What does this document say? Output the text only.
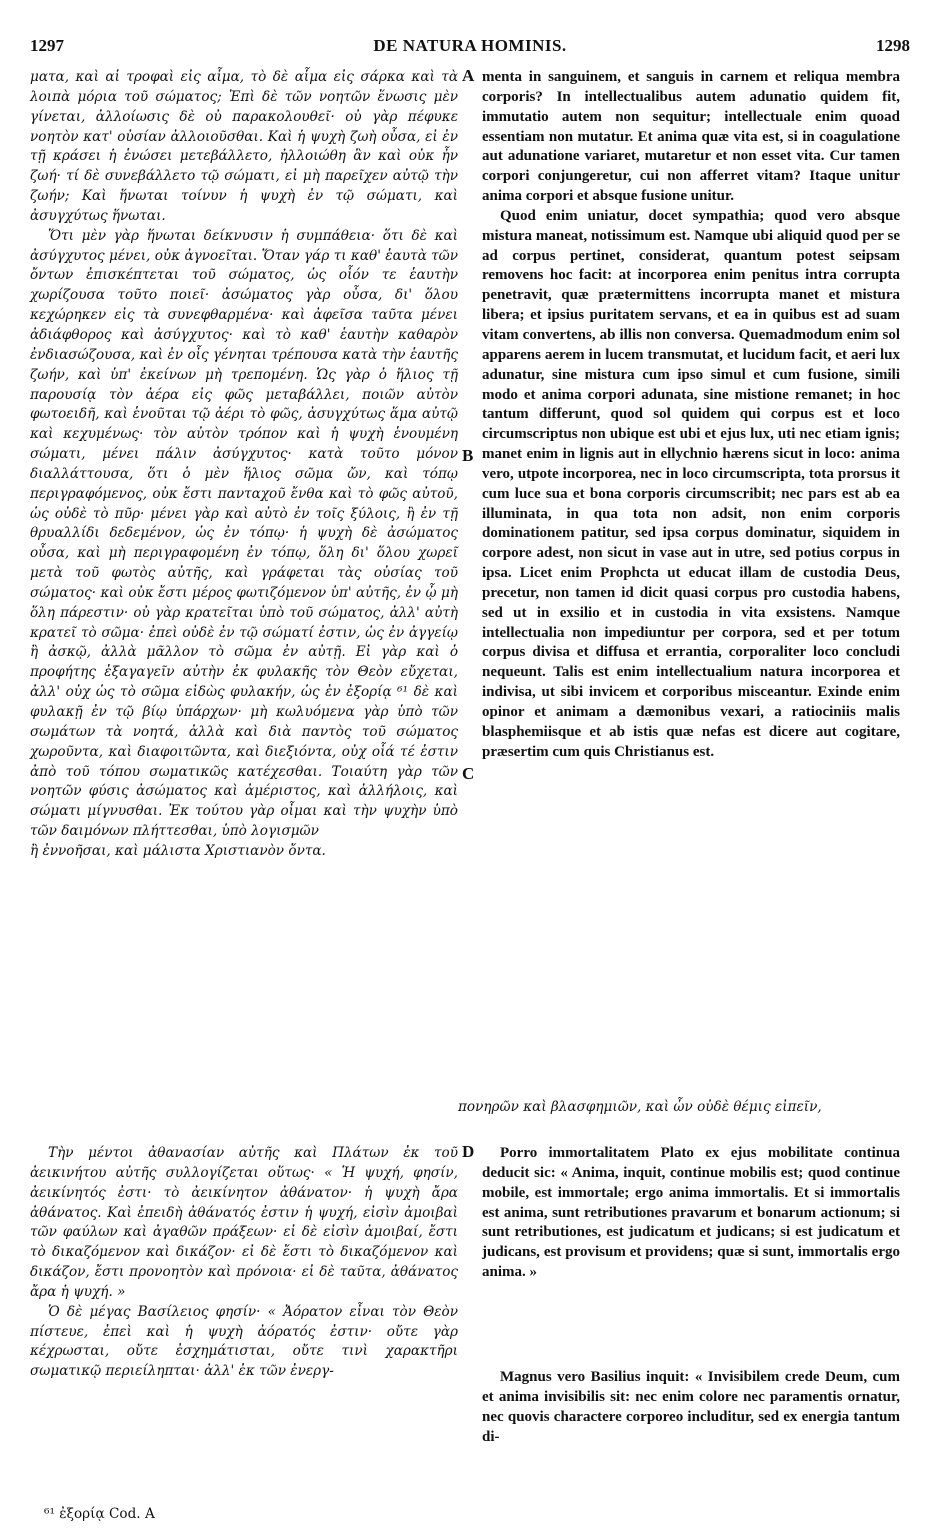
1297	DE NATURA HOMINIS.	1298

ματα, καὶ αἱ τροφαὶ εἰς αἷμα, τὸ δὲ αἷμα εἰς σάρκα καὶ τὰ λοιπὰ μόρια τοῦ σώματος; Ἐπὶ δὲ τῶν νοητῶν ἕνωσις μὲν γίνεται, ἀλλοίωσις δὲ οὐ παρακολουθεῖ· οὐ γὰρ πέφυκε νοητὸν κατ' οὐσίαν ἀλλοιοῦσθαι. Καὶ ἡ ψυχὴ ζωὴ οὖσα, εἰ ἐν τῇ κράσει ἡ ἑνώσει μετεβάλλετο, ἠλλοιώθη ἂν καὶ οὐκ ἦν ζωή· τί δὲ συνεβάλλετο τῷ σώματι, εἰ μὴ παρεῖχεν αὐτῷ τὴν ζωήν; Καὶ ἥνωται τοίνυν ἡ ψυχὴ ἐν τῷ σώματι, καὶ ἀσυγχύτως ἥνωται.

Ὅτι μὲν γὰρ ἥνωται δείκνυσιν ἡ συμπάθεια· ὅτι δὲ καὶ ἀσύγχυτος μένει, οὐκ ἀγνοεῖται. Ὅταν γάρ τι καθ' ἑαυτὰ τῶν ὄντων ἐπισκέπτεται τοῦ σώματος, ὡς οἷόν τε ἑαυτὴν χωρίζουσα τοῦτο ποιεῖ· ἀσώματος γὰρ οὖσα, δι' ὅλου κεχώρηκεν εἰς τὰ συνεφθαρμένα· καὶ ἀφεῖσα ταῦτα μένει ἀδιάφθορος καὶ ἀσύγχυτος· καὶ τὸ καθ' ἑαυτὴν καθαρὸν ἐνδιασώζουσα, καὶ ἐν οἷς γένηται τρέπουσα κατὰ τὴν ἑαυτῆς ζωήν, καὶ ὑπ' ἐκείνων μὴ τρεπομένη. Ὡς γὰρ ὁ ἥλιος τῇ παρουσίᾳ τὸν ἀέρα εἰς φῶς μεταβάλλει, ποιῶν αὐτὸν φωτοειδῆ, καὶ ἑνοῦται τῷ ἀέρι τὸ φῶς, ἀσυγχύτως ἅμα αὐτῷ καὶ κεχυμένως· τὸν αὐτὸν τρόπον καὶ ἡ ψυχὴ ἑνουμένη σώματι, μένει πάλιν ἀσύγχυτος· κατὰ τοῦτο μόνον διαλλάττουσα, ὅτι ὁ μὲν ἥλιος σῶμα ὤν, καὶ τόπῳ περιγραφόμενος, οὐκ ἔστι πανταχοῦ ἔνθα καὶ τὸ φῶς αὐτοῦ, ὡς οὐδὲ τὸ πῦρ· μένει γὰρ καὶ αὐτὸ ἐν τοῖς ξύλοις, ἢ ἐν τῇ θρυαλλίδι δεδεμένον, ὡς ἐν τόπῳ· ἡ ψυχὴ δὲ ἀσώματος οὖσα, καὶ μὴ περιγραφομένη ἐν τόπῳ, ὅλη δι' ὅλου χωρεῖ μετὰ τοῦ φωτὸς αὐτῆς, καὶ γράφεται τὰς οὐσίας τοῦ σώματος· καὶ οὐκ ἔστι μέρος φωτιζόμενον ὑπ' αὐτῆς, ἐν ᾧ μὴ ὅλη πάρεστιν· οὐ γὰρ κρατεῖται ὑπὸ τοῦ σώματος, ἀλλ' αὐτὴ κρατεῖ τὸ σῶμα· ἐπεὶ οὐδὲ ἐν τῷ σώματί ἐστιν, ὡς ἐν ἀγγείῳ ἢ ἀσκῷ, ἀλλὰ μᾶλλον τὸ σῶμα ἐν αὐτῇ. Εἰ γὰρ καὶ ὁ προφήτης ἐξαγαγεῖν αὐτὴν ἐκ φυλακῆς τὸν Θεὸν εὔχεται, ἀλλ' οὐχ ὡς τὸ σῶμα εἰδὼς φυλακήν, ὡς ἐν ἐξορίᾳ ⁶¹ δὲ καὶ φυλακῇ ἐν τῷ βίῳ ὑπάρχων· μὴ κωλυόμενα γὰρ ὑπὸ τῶν σωμάτων τὰ νοητά, ἀλλὰ καὶ διὰ παντὸς τοῦ σώματος χωροῦντα, καὶ διαφοιτῶντα, καὶ διεξιόντα, οὐχ οἷά τέ ἐστιν ἀπὸ τοῦ τόπου σωματικῶς κατέχεσθαι. Τοιαύτη γὰρ τῶν νοητῶν φύσις ἀσώματος καὶ ἀμέριστος, καὶ ἀλλήλοις, καὶ σώματι μίγνυσθαι. Ἐκ τούτου γὰρ οἶμαι καὶ τὴν ψυχὴν ὑπὸ τῶν δαιμόνων πλήττεσθαι, ὑπὸ λογισμῶν

ἢ ἐννοῆσαι, καὶ μάλιστα Χριστιανὸν ὄντα.

menta in sanguinem, et sanguis in carnem et reliqua membra corporis? In intellectualibus autem adunatio quidem fit, immutatio autem non sequitur; intellectuale enim quoad essentiam non mutatur. Et anima quæ vita est, si in coagulatione aut adunatione variaret, mutaretur et non esset vita. Cur tamen corpori conjungeretur, cui non afferret vitam? Itaque unitur anima corpori et absque fusione unitur.

Quod enim uniatur, docet sympathia; quod vero absque mistura maneat, notissimum est. Namque ubi aliquid quod per se ad corpus pertinet, considerat, quantum potest seipsam removens hoc facit: at incorporea enim penitus intra corrupta penetravit, quæ prætermittens incorrupta manet et mistura libera; et ipsius puritatem servans, et ea in quibus est ad suam vitam convertens, ab illis non conversa. Quemadmodum enim sol apparens aerem in lucem transmutat, et lucidum facit, et aeri lux adunatur, sine mistura cum ipso simul et cum fusione, simili modo et anima corpori adunata, sine mistione remanet; in hoc tantum differunt, quod sol quidem qui corpus est et loco circumscriptus non ubique est ubi et ejus lux, uti nec etiam ignis; manet enim in lignis aut in ellychnio hærens sicut in loco: anima vero, utpote incorporea, nec in loco circumscripta, tota prorsus it cum luce sua et bona corporis circumscribit; nec pars est ab ea illuminata, in qua tota non adsit, non enim corporis dominationem patitur, sed ipsa corpus dominatur, siquidem in corpore adest, non sicut in vase aut in utre, sed potius corpus in ipsa. Licet enim Prophcta ut educat illam de custodia Deus, precetur, non tamen id dicit quasi corpus pro custodia habens, sed ut in exsilio et in custodia in vita exsistens. Namque intellectualia non impediuntur per corpora, sed et per totum corpus divisa et diffusa et errantia, corporaliter loco concludi nequeunt. Talis est enim intellectualium natura incorporea et indivisa, ut sibi invicem et corporibus misceantur. Exinde enim opinor et animam a dæmonibus vexari, a ratiociniis malis blasphemiisque et ab istis quæ nefas est dicere aut cogitare, præsertim cum quis Christianus est.

πονηρῶν καὶ βλασφημιῶν, καὶ ὧν οὐδὲ θέμις εἰπεῖν,

Τὴν μέντοι ἀθανασίαν αὐτῆς καὶ Πλάτων ἐκ τοῦ ἀεικινήτου αὐτῆς συλλογίζεται οὕτως· « Ἡ ψυχή, φησίν, ἀεικίνητός ἐστι· τὸ ἀεικίνητον ἀθάνατον· ἡ ψυχὴ ἄρα ἀθάνατος. Καὶ ἐπειδὴ ἀθάνατός ἐστιν ἡ ψυχή, εἰσὶν ἀμοιβαὶ τῶν φαύλων καὶ ἀγαθῶν πράξεων· εἰ δὲ εἰσὶν ἀμοιβαί, ἔστι τὸ δικαζόμενον καὶ δικάζον· εἰ δὲ ἔστι τὸ δικαζόμενον καὶ δικάζον, ἔστι προνοητὸν καὶ πρόνοια· εἰ δὲ ταῦτα, ἀθάνατος ἄρα ἡ ψυχή. »

Ὁ δὲ μέγας Βασίλειος φησίν· « Ἀόρατον εἶναι τὸν Θεὸν πίστευε, ἐπεὶ καὶ ἡ ψυχὴ ἀόρατός ἐστιν· οὔτε γὰρ κέχρωσται, οὔτε ἐσχημάτισται, οὔτε τινὶ χαρακτῆρι σωματικῷ περιείληπται· ἀλλ' ἐκ τῶν ἐνεργ-

Porro immortalitatem Plato ex ejus mobilitate continua deducit sic: « Anima, inquit, continue mobilis est; quod continue mobile, est immortale; ergo anima immortalis. Et si immortalis est anima, sunt retributiones pravarum et bonarum actionum; si sunt retributiones, est judicatum et judicans; si est judicatum et judicans, est provisum et providens; quæ si sunt, immortalis ergo anima. »

Magnus vero Basilius inquit: « Invisibilem crede Deum, cum et anima invisibilis sit: nec enim colore nec paramentis ornatur, nec quovis charactere corporeo includitur, sed ex energia tantum di-

A
B
C
D
⁶¹ ἐξορίᾳ Cod. A
